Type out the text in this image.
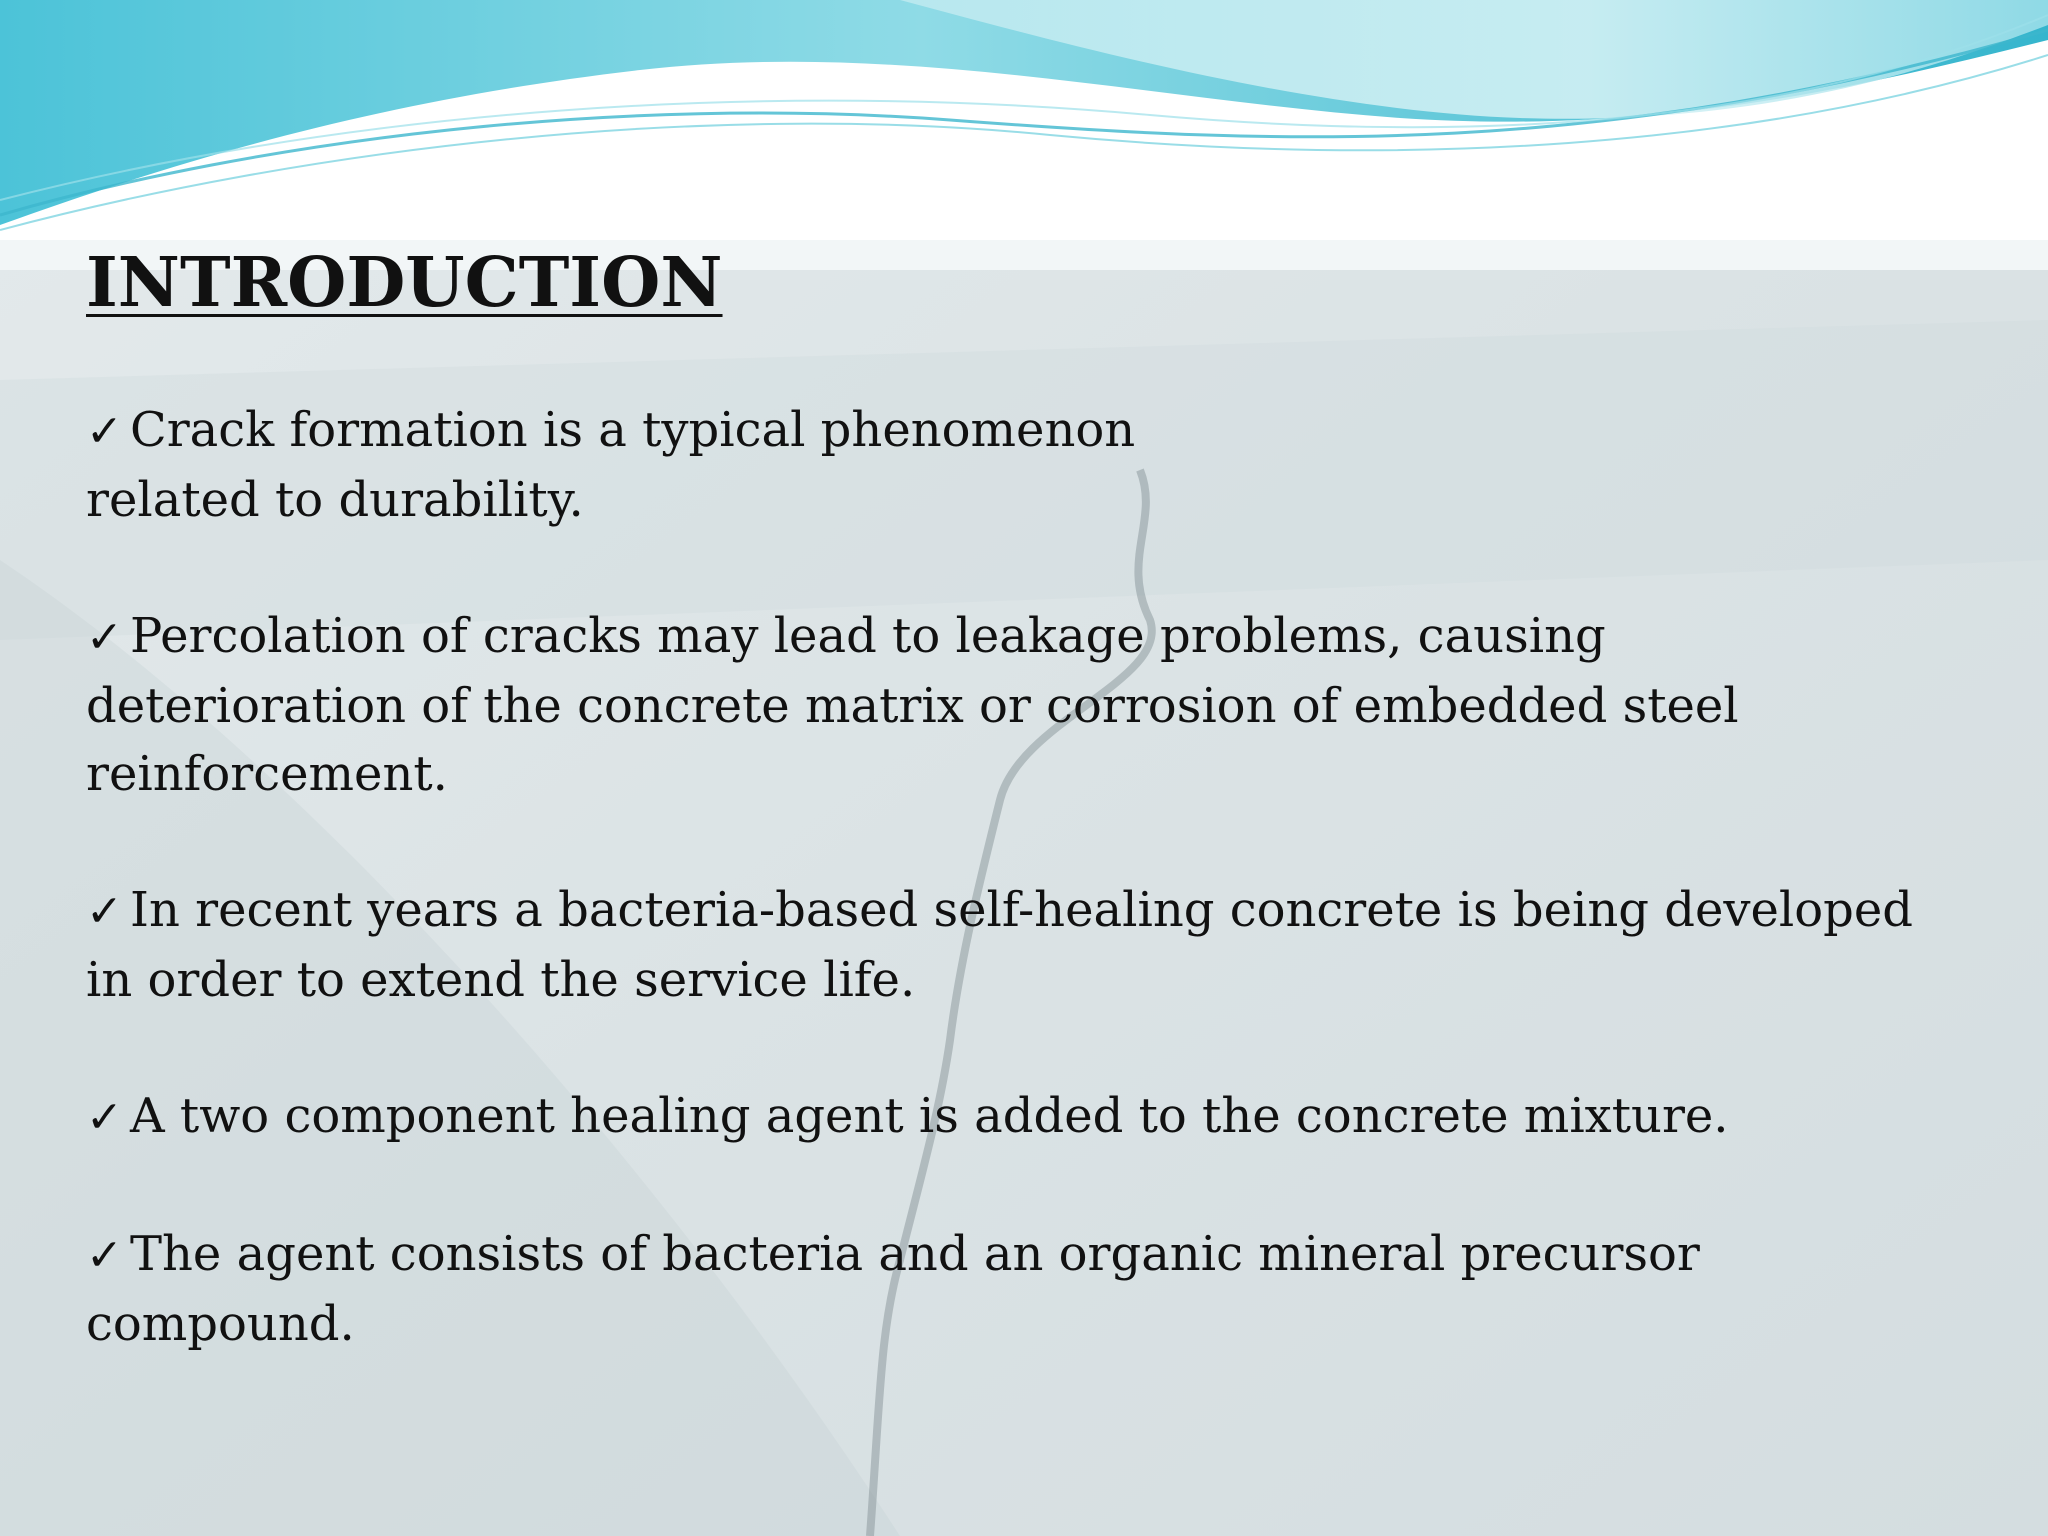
INTRODUCTION
✓ Crack formation is a typical phenomenon
related to durability.
✓ Percolation of cracks may lead to leakage problems, causing
deterioration of the concrete matrix or corrosion of embedded steel
reinforcement.
✓ In recent years a bacteria-based self-healing concrete is being developed
in order to extend the service life.
✓ A two component healing agent is added to the concrete mixture.
✓ The agent consists of bacteria and an organic mineral precursor
compound.
